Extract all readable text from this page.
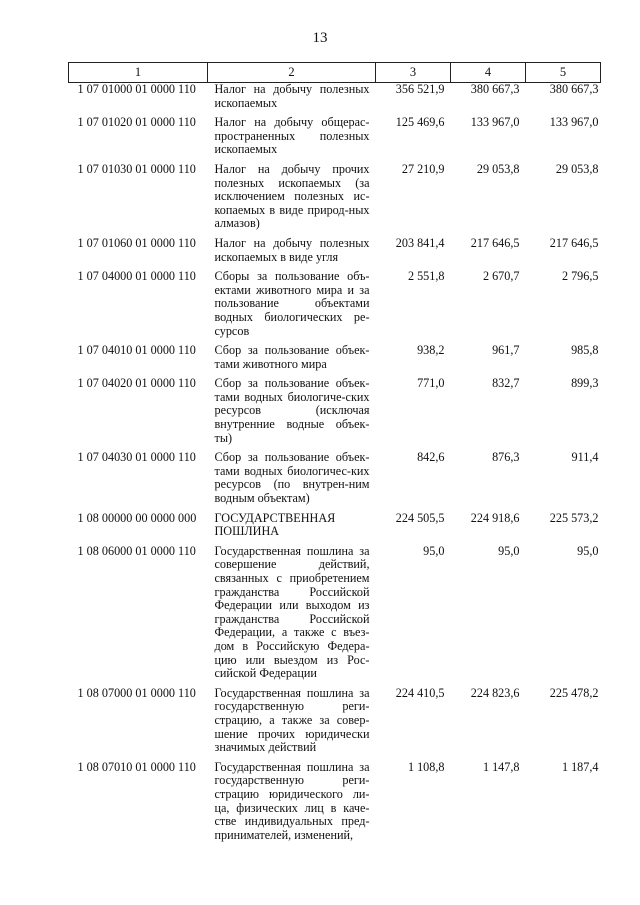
13
1	2	3	4	5
1 07 01000 01 0000 110	Налог на добычу полезных ископаемых	356 521,9	380 667,3	380 667,3
1 07 01020 01 0000 110	Налог на добычу общерас-пространенных полезных ископаемых	125 469,6	133 967,0	133 967,0
1 07 01030 01 0000 110	Налог на добычу прочих полезных ископаемых (за исключением полезных ис-копаемых в виде природ-ных алмазов)	27 210,9	29 053,8	29 053,8
1 07 01060 01 0000 110	Налог на добычу полезных ископаемых в виде угля	203 841,4	217 646,5	217 646,5
1 07 04000 01 0000 110	Сборы за пользование объ-ектами животного мира и за пользование объектами водных биологических ре-сурсов	2 551,8	2 670,7	2 796,5
1 07 04010 01 0000 110	Сбор за пользование объек-тами животного мира	938,2	961,7	985,8
1 07 04020 01 0000 110	Сбор за пользование объек-тами водных биологиче-ских ресурсов (исключая внутренние водные объек-ты)	771,0	832,7	899,3
1 07 04030 01 0000 110	Сбор за пользование объек-тами водных биологичес-ких ресурсов (по внутрен-ним водным объектам)	842,6	876,3	911,4
1 08 00000 00 0000 000	ГОСУДАРСТВЕННАЯ ПОШЛИНА	224 505,5	224 918,6	225 573,2
1 08 06000 01 0000 110	Государственная пошлина за совершение действий, связанных с приобретением гражданства Российской Федерации или выходом из гражданства Российской Федерации, а также с въез-дом в Российскую Федера-цию или выездом из Рос-сийской Федерации	95,0	95,0	95,0
1 08 07000 01 0000 110	Государственная пошлина за государственную реги-страцию, а также за совер-шение прочих юридически значимых действий	224 410,5	224 823,6	225 478,2
1 08 07010 01 0000 110	Государственная пошлина за государственную реги-страцию юридического ли-ца, физических лиц в каче-стве индивидуальных пред-принимателей, изменений,	1 108,8	1 147,8	1 187,4
